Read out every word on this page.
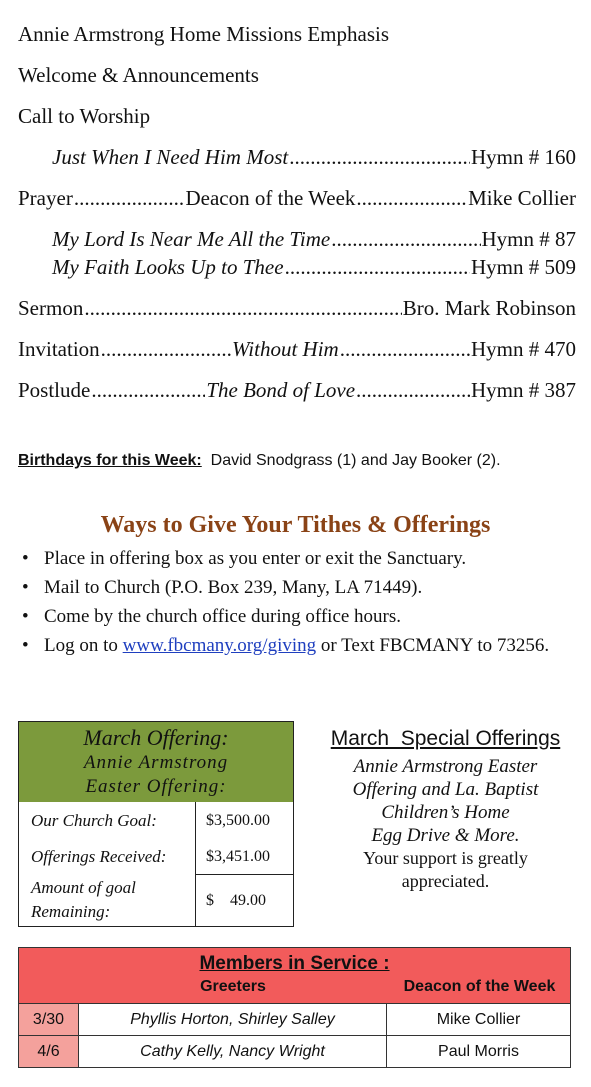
Annie Armstrong Home Missions Emphasis
Welcome & Announcements
Call to Worship
Just When I Need Him Most .....	Hymn # 160
Prayer .....	Deacon of the Week .....	Mike Collier
My Lord Is Near Me All the Time .....	Hymn # 87
My Faith Looks Up to Thee .....	Hymn # 509
Sermon .....	Bro. Mark Robinson
Invitation .....	Without Him .....	Hymn # 470
Postlude .....	The Bond of Love .....	Hymn # 387
Birthdays for this Week: David Snodgrass (1) and Jay Booker (2).
Ways to Give Your Tithes & Offerings
• Place in offering box as you enter or exit the Sanctuary.
• Mail to Church (P.O. Box 239, Many, LA 71449).
• Come by the church office during office hours.
• Log on to www.fbcmany.org/giving or Text FBCMANY to 73256.
March Offering:
Annie Armstrong
Easter Offering:
Our Church Goal:	$3,500.00
Offerings Received:	$3,451.00
Amount of goal
Remaining:
$    49.00
March  Special Offerings
Annie Armstrong Easter
Offering and La. Baptist
Children’s Home
Egg Drive & More.
Your support is greatly
appreciated.
Members in Service :
Greeters	Deacon of the Week
3/30	Phyllis Horton, Shirley Salley	Mike Collier
4/6	Cathy Kelly, Nancy Wright	Paul Morris
